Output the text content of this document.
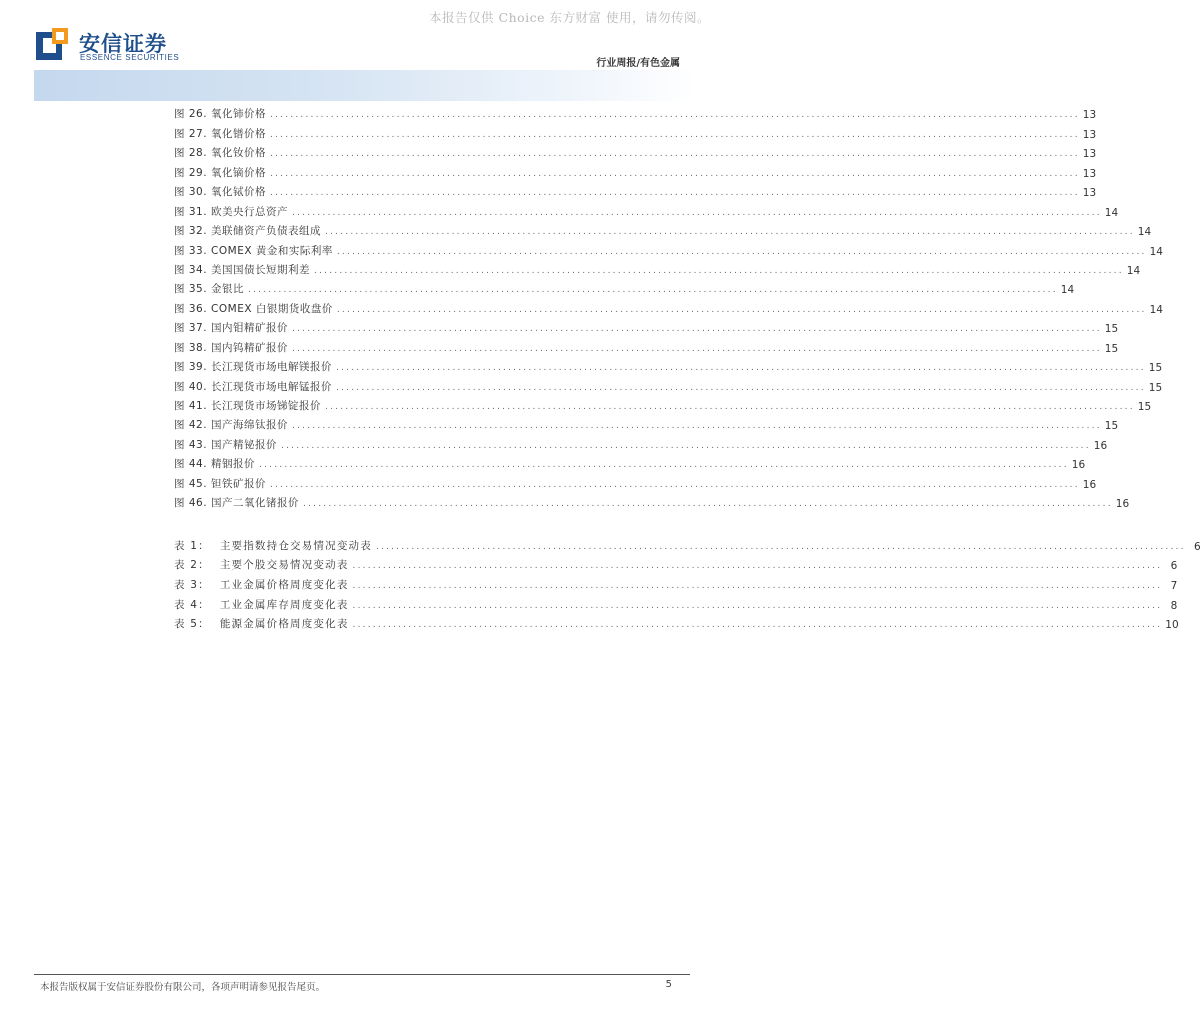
本报告仅供 Choice 东方财富 使用，请勿传阅。
安信证券
ESSENCE SECURITIES
行业周报/有色金属
图 26. 氧化铈价格 ................................................................................................................................................................ 13
图 27. 氧化镨价格 ................................................................................................................................................................ 13
图 28. 氧化钕价格 ................................................................................................................................................................ 13
图 29. 氧化镝价格 ................................................................................................................................................................ 13
图 30. 氧化铽价格 ................................................................................................................................................................ 13
图 31. 欧美央行总资产 ................................................................................................................................................................ 14
图 32. 美联储资产负债表组成 ................................................................................................................................................................ 14
图 33. COMEX 黄金和实际利率 ................................................................................................................................................................ 14
图 34. 美国国债长短期利差 ................................................................................................................................................................ 14
图 35. 金银比 ................................................................................................................................................................ 14
图 36. COMEX 白银期货收盘价 ................................................................................................................................................................ 14
图 37. 国内钼精矿报价 ................................................................................................................................................................ 15
图 38. 国内钨精矿报价 ................................................................................................................................................................ 15
图 39. 长江现货市场电解镁报价 ................................................................................................................................................................ 15
图 40. 长江现货市场电解锰报价 ................................................................................................................................................................ 15
图 41. 长江现货市场锑锭报价 ................................................................................................................................................................ 15
图 42. 国产海绵钛报价 ................................................................................................................................................................ 15
图 43. 国产精铋报价 ................................................................................................................................................................ 16
图 44. 精铟报价 ................................................................................................................................................................ 16
图 45. 钽铁矿报价 ................................................................................................................................................................ 16
图 46. 国产二氧化锗报价 ................................................................................................................................................................ 16
表 1： 主要指数持仓交易情况变动表 ................................................................................................................................................................ 6
表 2： 主要个股交易情况变动表 ................................................................................................................................................................ 6
表 3： 工业金属价格周度变化表 ................................................................................................................................................................ 7
表 4： 工业金属库存周度变化表 ................................................................................................................................................................ 8
表 5： 能源金属价格周度变化表 ................................................................................................................................................................ 10
本报告版权属于安信证券股份有限公司，各项声明请参见报告尾页。	5
